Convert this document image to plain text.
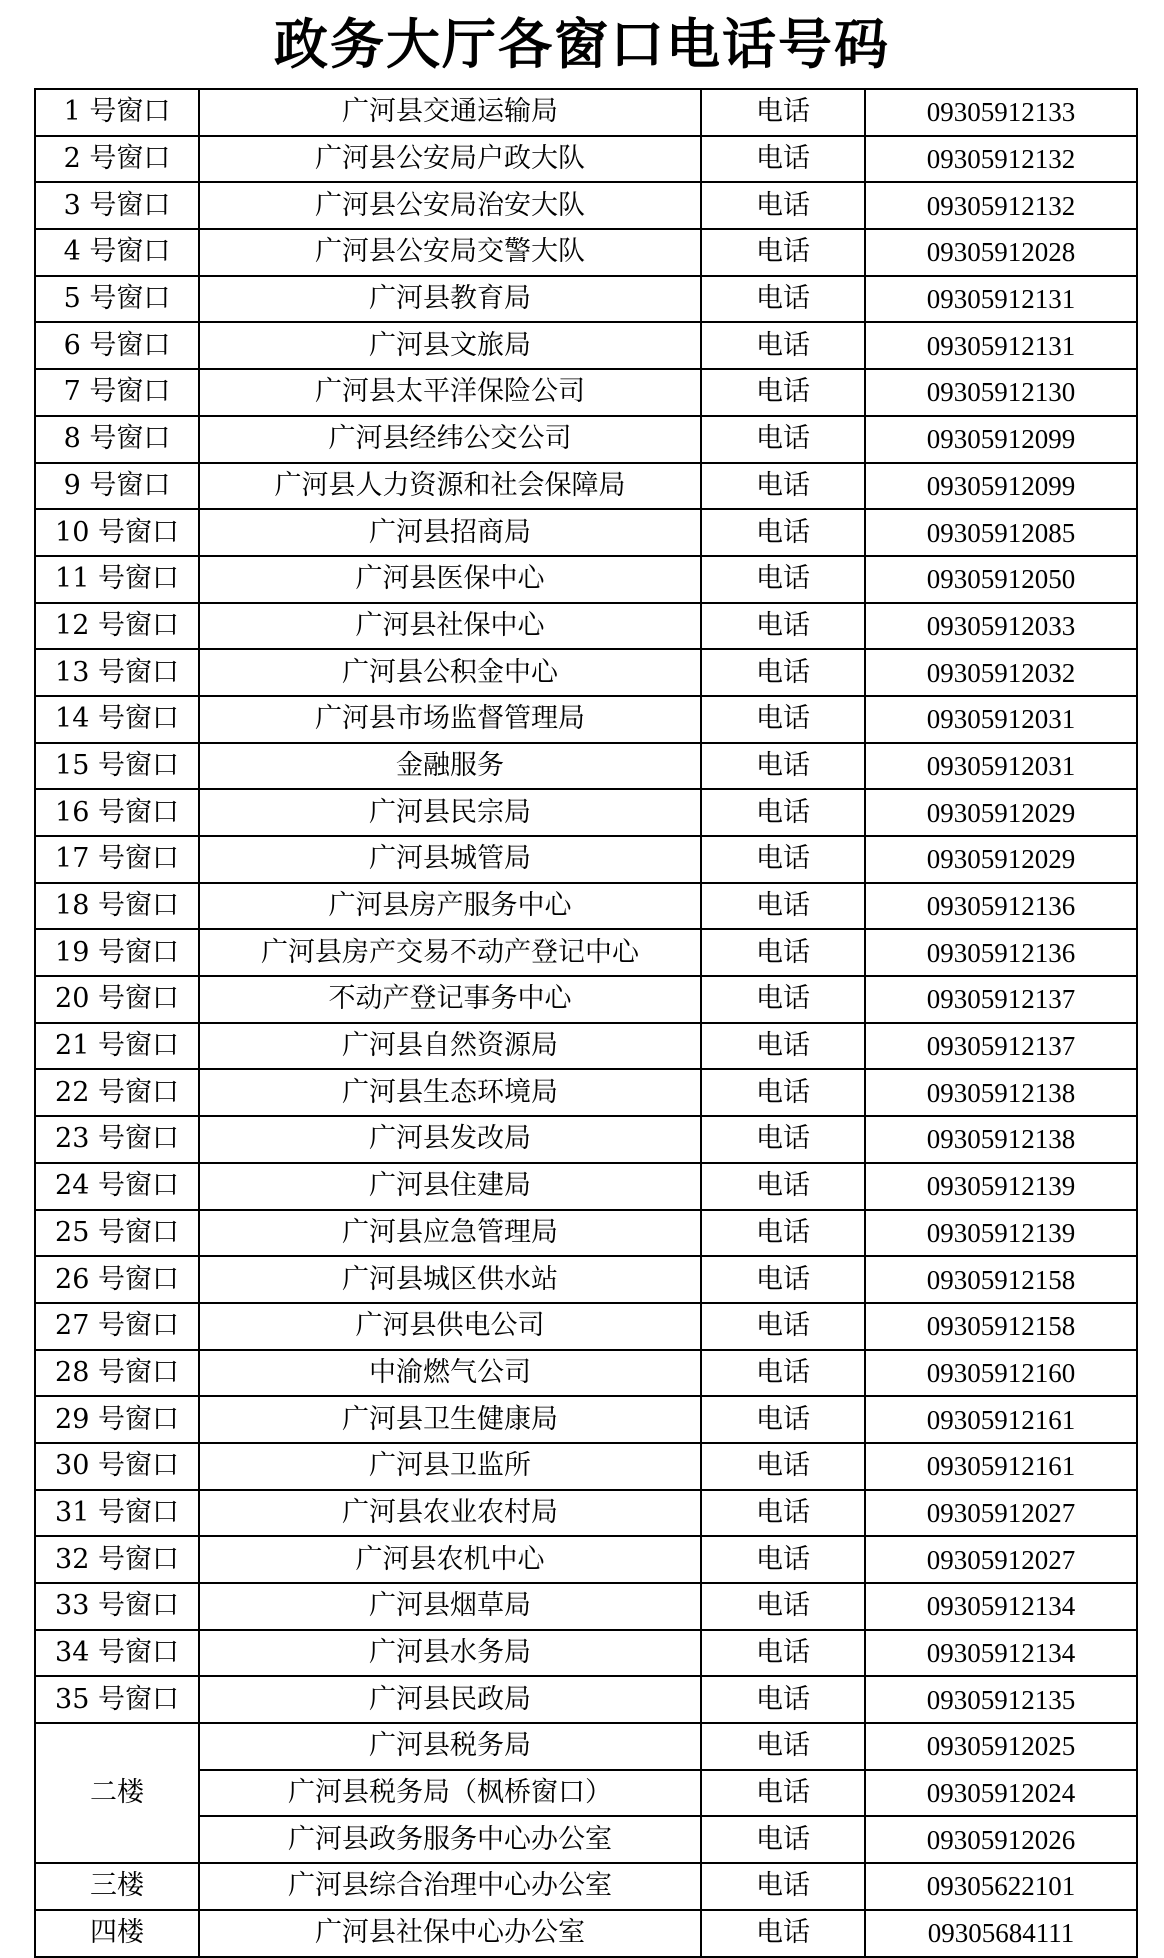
政务大厅各窗口电话号码
1 号窗口	广河县交通运输局	电话	09305912133
2 号窗口	广河县公安局户政大队	电话	09305912132
3 号窗口	广河县公安局治安大队	电话	09305912132
4 号窗口	广河县公安局交警大队	电话	09305912028
5 号窗口	广河县教育局	电话	09305912131
6 号窗口	广河县文旅局	电话	09305912131
7 号窗口	广河县太平洋保险公司	电话	09305912130
8 号窗口	广河县经纬公交公司	电话	09305912099
9 号窗口	广河县人力资源和社会保障局	电话	09305912099
10 号窗口	广河县招商局	电话	09305912085
11 号窗口	广河县医保中心	电话	09305912050
12 号窗口	广河县社保中心	电话	09305912033
13 号窗口	广河县公积金中心	电话	09305912032
14 号窗口	广河县市场监督管理局	电话	09305912031
15 号窗口	金融服务	电话	09305912031
16 号窗口	广河县民宗局	电话	09305912029
17 号窗口	广河县城管局	电话	09305912029
18 号窗口	广河县房产服务中心	电话	09305912136
19 号窗口	广河县房产交易不动产登记中心	电话	09305912136
20 号窗口	不动产登记事务中心	电话	09305912137
21 号窗口	广河县自然资源局	电话	09305912137
22 号窗口	广河县生态环境局	电话	09305912138
23 号窗口	广河县发改局	电话	09305912138
24 号窗口	广河县住建局	电话	09305912139
25 号窗口	广河县应急管理局	电话	09305912139
26 号窗口	广河县城区供水站	电话	09305912158
27 号窗口	广河县供电公司	电话	09305912158
28 号窗口	中渝燃气公司	电话	09305912160
29 号窗口	广河县卫生健康局	电话	09305912161
30 号窗口	广河县卫监所	电话	09305912161
31 号窗口	广河县农业农村局	电话	09305912027
32 号窗口	广河县农机中心	电话	09305912027
33 号窗口	广河县烟草局	电话	09305912134
34 号窗口	广河县水务局	电话	09305912134
35 号窗口	广河县民政局	电话	09305912135
二楼	广河县税务局	电话	09305912025
	广河县税务局（枫桥窗口）	电话	09305912024
	广河县政务服务中心办公室	电话	09305912026
三楼	广河县综合治理中心办公室	电话	09305622101
四楼	广河县社保中心办公室	电话	09305684111
